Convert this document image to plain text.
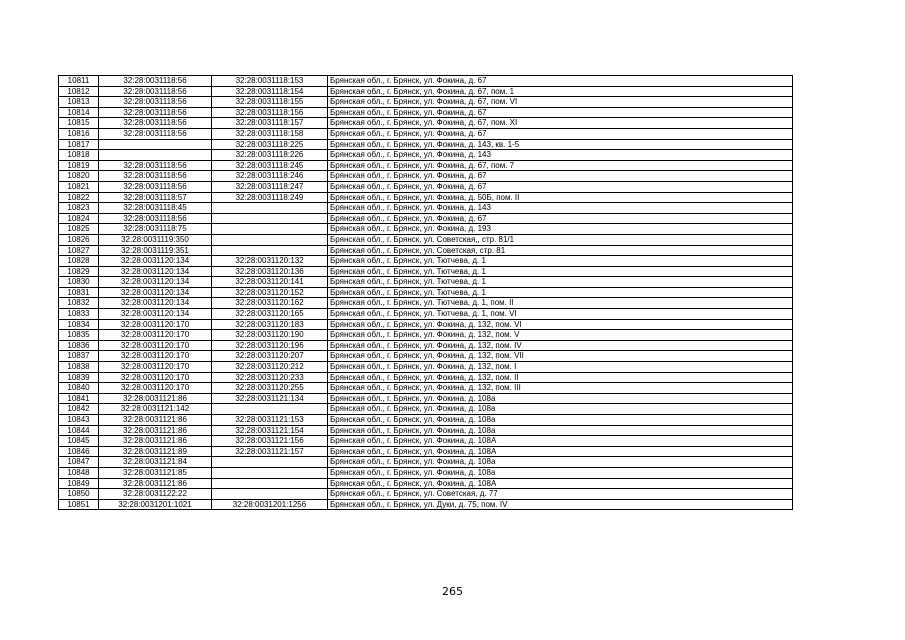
10811	32:28:0031118:56	32:28:0031118:153	Брянская обл., г. Брянск, ул. Фокина, д. 67
10812	32:28:0031118:56	32:28:0031118:154	Брянская обл., г. Брянск, ул. Фокина, д. 67, пом. 1
10813	32:28:0031118:56	32:28:0031118:155	Брянская обл., г. Брянск, ул. Фокина, д. 67, пом. VI
10814	32:28:0031118:56	32:28:0031118:156	Брянская обл., г. Брянск, ул. Фокина, д. 67
10815	32:28:0031118:56	32:28:0031118:157	Брянская обл., г. Брянск, ул. Фокина, д. 67, пом. XI
10816	32:28:0031118:56	32:28:0031118:158	Брянская обл., г. Брянск, ул. Фокина, д. 67
10817		32:28:0031118:225	Брянская обл., г. Брянск, ул. Фокина, д. 143, кв. 1-5
10818		32:28:0031118:226	Брянская обл., г. Брянск, ул. Фокина, д. 143
10819	32:28:0031118:56	32:28:0031118:245	Брянская обл., г. Брянск, ул. Фокина, д. 67, пом. 7
10820	32:28:0031118:56	32:28:0031118:246	Брянская обл., г. Брянск, ул. Фокина, д. 67
10821	32:28:0031118:56	32:28:0031118:247	Брянская обл., г. Брянск, ул. Фокина, д. 67
10822	32:28:0031118:57	32:28:0031118:249	Брянская обл., г. Брянск, ул. Фокина, д. 50Б, пом. II
10823	32:28:0031118:45		Брянская обл., г. Брянск, ул. Фокина, д. 143
10824	32:28:0031118:56		Брянская обл., г. Брянск, ул. Фокина, д. 67
10825	32:28:0031118:75		Брянская обл., г. Брянск, ул. Фокина, д. 193
10826	32:28:0031119:350		Брянская обл., г. Брянск, ул. Советская,, стр. 81/1
10827	32:28:0031119:351		Брянская обл., г. Брянск, ул. Советская, стр. 81
10828	32:28:0031120:134	32:28:0031120:132	Брянская обл., г. Брянск, ул. Тютчева, д. 1
10829	32:28:0031120:134	32:28:0031120:136	Брянская обл., г. Брянск, ул. Тютчева, д. 1
10830	32:28:0031120:134	32:28:0031120:141	Брянская обл., г. Брянск, ул. Тютчева, д. 1
10831	32:28:0031120:134	32:28:0031120:152	Брянская обл., г. Брянск, ул. Тютчева, д. 1
10832	32:28:0031120:134	32:28:0031120:162	Брянская обл., г. Брянск, ул. Тютчева, д. 1, пом. II
10833	32:28:0031120:134	32:28:0031120:165	Брянская обл., г. Брянск, ул. Тютчева, д. 1, пом. VI
10834	32:28:0031120:170	32:28:0031120:183	Брянская обл., г. Брянск, ул. Фокина, д. 132, пом. VI
10835	32:28:0031120:170	32:28:0031120:190	Брянская обл., г. Брянск, ул. Фокина, д. 132, пом. V
10836	32:28:0031120:170	32:28:0031120:196	Брянская обл., г. Брянск, ул. Фокина, д. 132, пом. IV
10837	32:28:0031120:170	32:28:0031120:207	Брянская обл., г. Брянск, ул. Фокина, д. 132, пом. VII
10838	32:28:0031120:170	32:28:0031120:212	Брянская обл., г. Брянск, ул. Фокина, д. 132, пом. I
10839	32:28:0031120:170	32:28:0031120:233	Брянская обл., г. Брянск, ул. Фокина, д. 132, пом. II
10840	32:28:0031120:170	32:28:0031120:255	Брянская обл., г. Брянск, ул. Фокина, д. 132, пом. III
10841	32:28:0031121:86	32:28:0031121:134	Брянская обл., г. Брянск, ул. Фокина, д. 108а
10842	32:28:0031121:142		Брянская обл., г. Брянск, ул. Фокина, д. 108а
10843	32:28:0031121:86	32:28:0031121:153	Брянская обл., г. Брянск, ул. Фокина, д. 108а
10844	32:28:0031121:86	32:28:0031121:154	Брянская обл., г. Брянск, ул. Фокина, д. 108а
10845	32:28:0031121:86	32:28:0031121:156	Брянская обл., г. Брянск, ул. Фокина, д. 108А
10846	32:28:0031121:89	32:28:0031121:157	Брянская обл., г. Брянск, ул. Фокина, д. 108А
10847	32:28:0031121:84		Брянская обл., г. Брянск, ул. Фокина, д. 108а
10848	32:28:0031121:85		Брянская обл., г. Брянск, ул. Фокина, д. 108а
10849	32:28:0031121:86		Брянская обл., г. Брянск, ул. Фокина, д. 108А
10850	32:28:0031122:22		Брянская обл., г. Брянск, ул. Советская, д. 77
10851	32:28:0031201:1021	32:28:0031201:1256	Брянская обл., г. Брянск, ул. Дуки, д. 75, пом. IV
265
